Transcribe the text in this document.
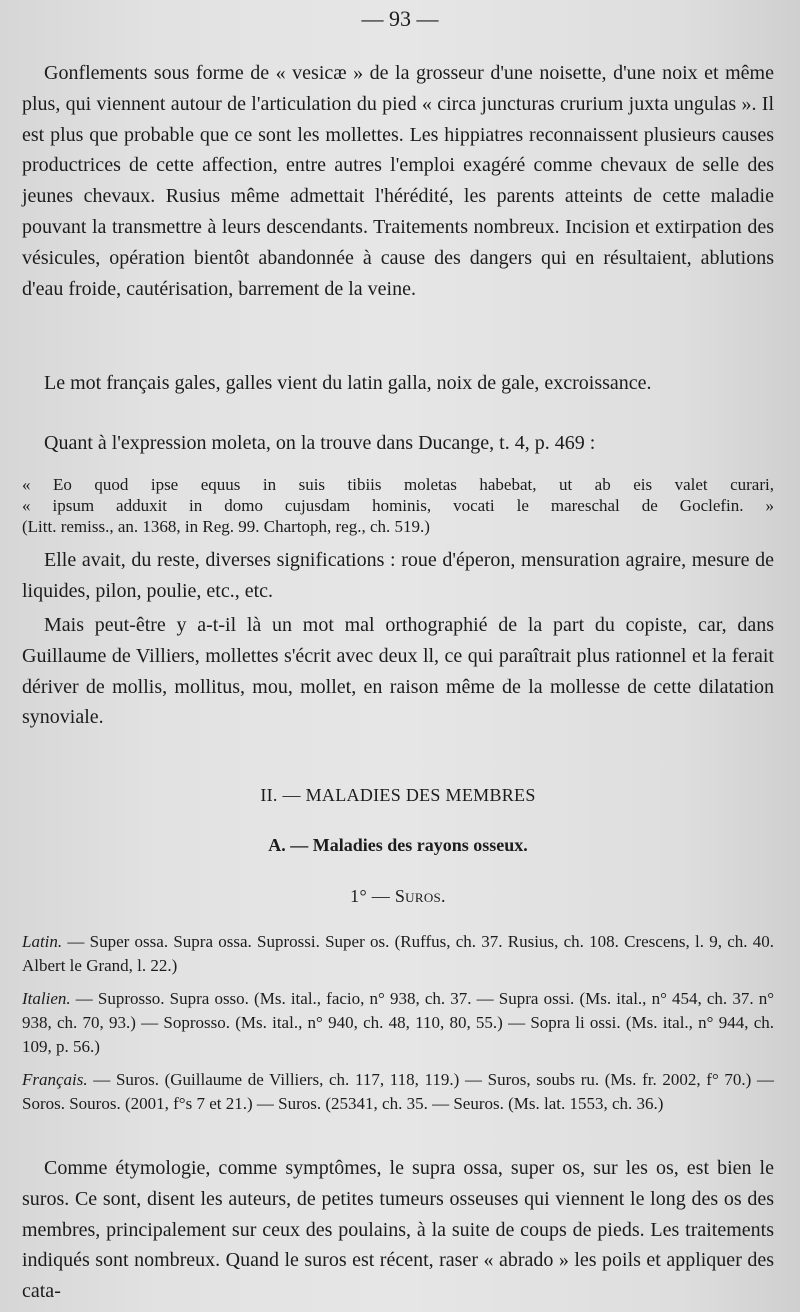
— 93 —

Gonflements sous forme de « vesicæ » de la grosseur d'une noisette, d'une noix et même plus, qui viennent autour de l'articulation du pied « circa juncturas crurium juxta ungulas ». Il est plus que probable que ce sont les mollettes. Les hippiatres reconnaissent plusieurs causes productrices de cette affection, entre autres l'emploi exagéré comme chevaux de selle des jeunes chevaux. Rusius même admettait l'hérédité, les parents atteints de cette maladie pouvant la transmettre à leurs descendants. Traitements nombreux. Incision et extirpation des vésicules, opération bientôt abandonnée à cause des dangers qui en résultaient, ablutions d'eau froide, cautérisation, barrement de la veine.

Le mot français gales, galles vient du latin galla, noix de gale, excroissance.

Quant à l'expression moleta, on la trouve dans Ducange, t. 4, p. 469 :

« Eo quod ipse equus in suis tibiis moletas habebat, ut ab eis valet curari,
« ipsum adduxit in domo cujusdam hominis, vocati le mareschal de Goclefin. »
(Litt. remiss., an. 1368, in Reg. 99. Chartoph, reg., ch. 519.)

Elle avait, du reste, diverses significations : roue d'éperon, mensuration agraire, mesure de liquides, pilon, poulie, etc., etc.

Mais peut-être y a-t-il là un mot mal orthographié de la part du copiste, car, dans Guillaume de Villiers, mollettes s'écrit avec deux ll, ce qui paraîtrait plus rationnel et la ferait dériver de mollis, mollitus, mou, mollet, en raison même de la mollesse de cette dilatation synoviale.

II. — MALADIES DES MEMBRES

A. — Maladies des rayons osseux.

1° — Suros.

Latin. — Super ossa. Supra ossa. Suprossi. Super os. (Ruffus, ch. 37. Rusius, ch. 108. Crescens, l. 9, ch. 40. Albert le Grand, l. 22.)

Italien. — Suprosso. Supra osso. (Ms. ital., facio, n° 938, ch. 37. — Supra ossi. (Ms. ital., n° 454, ch. 37. n° 938, ch. 70, 93.) — Soprosso. (Ms. ital., n° 940, ch. 48, 110, 80, 55.) — Sopra li ossi. (Ms. ital., n° 944, ch. 109, p. 56.)

Français. — Suros. (Guillaume de Villiers, ch. 117, 118, 119.) — Suros, soubs ru. (Ms. fr. 2002, f° 70.) — Soros. Souros. (2001, f°s 7 et 21.) — Suros. (25341, ch. 35. — Seuros. (Ms. lat. 1553, ch. 36.)

Comme étymologie, comme symptômes, le supra ossa, super os, sur les os, est bien le suros. Ce sont, disent les auteurs, de petites tumeurs osseuses qui viennent le long des os des membres, principalement sur ceux des poulains, à la suite de coups de pieds. Les traitements indiqués sont nombreux. Quand le suros est récent, raser « abrado » les poils et appliquer des cata-
